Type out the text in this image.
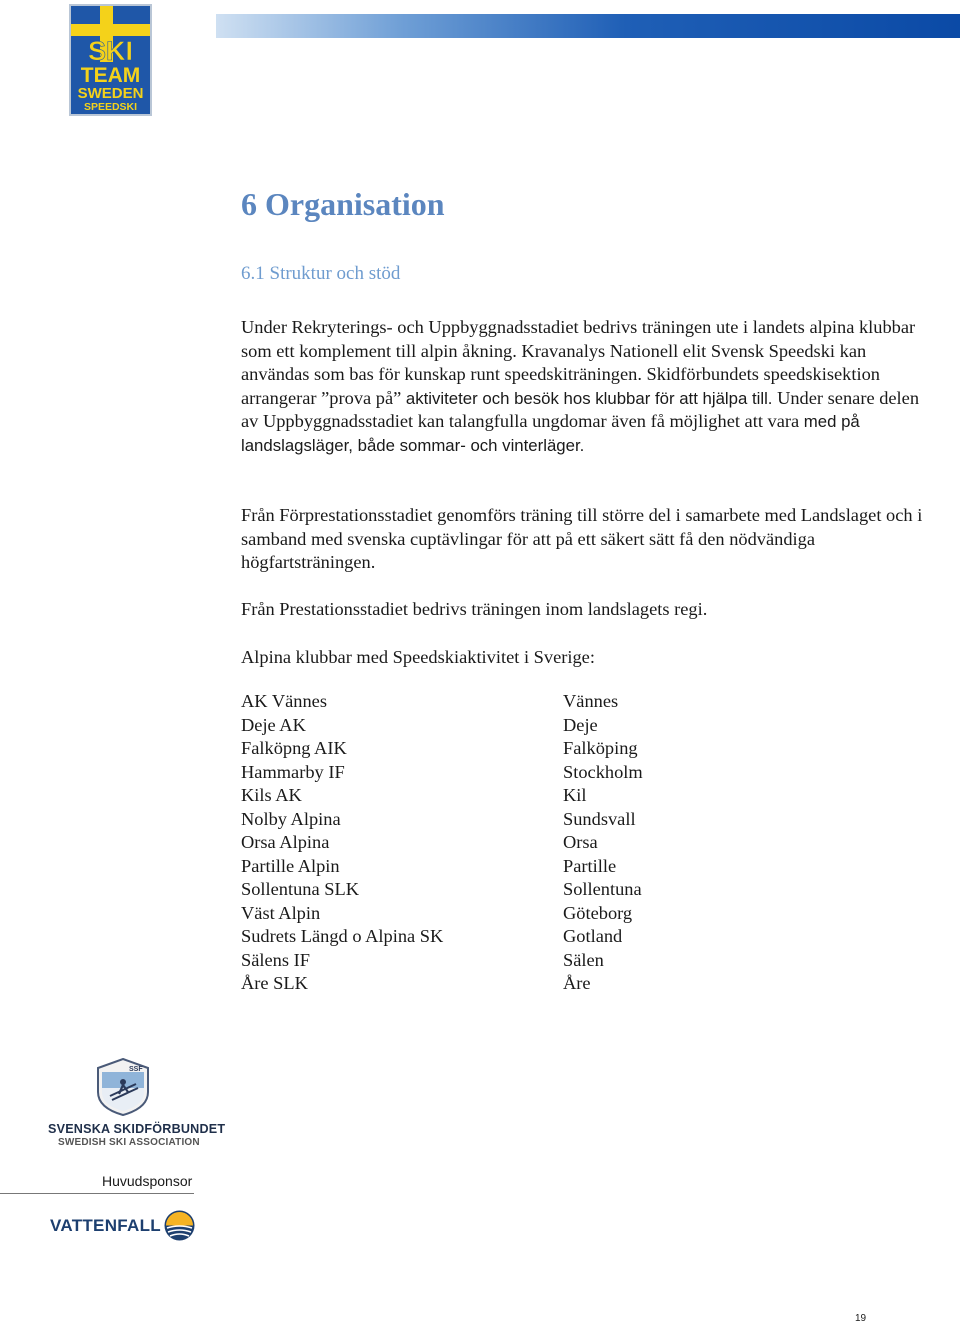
SKI
TEAM
SWEDEN
SPEEDSKI
6 Organisation
6.1 Struktur och stöd
Under Rekryterings- och Uppbyggnadsstadiet bedrivs träningen ute i landets alpina klubbar som ett komplement till alpin åkning. Kravanalys Nationell elit Svensk Speedski kan användas som bas för kunskap runt speedskiträningen. Skidförbundets speedskisektion arrangerar ”prova på” aktiviteter och besök hos klubbar för att hjälpa till. Under senare delen av Uppbyggnadsstadiet kan talangfulla ungdomar även få möjlighet att vara med på landslagsläger, både sommar- och vinterläger.
Från Förprestationsstadiet genomförs träning till större del i samarbete med Landslaget och i samband med svenska cuptävlingar för att på ett säkert sätt få den nödvändiga högfartsträningen.
Från Prestationsstadiet bedrivs träningen inom landslagets regi.
Alpina klubbar med Speedskiaktivitet i Sverige:
AK Vännes
Deje AK
Falköpng AIK
Hammarby IF
Kils AK
Nolby Alpina
Orsa Alpina
Partille Alpin
Sollentuna SLK
Väst Alpin
Sudrets Längd o Alpina SK
Sälens IF
Åre SLK
Vännes
Deje
Falköping
Stockholm
Kil
Sundsvall
Orsa
Partille
Sollentuna
Göteborg
Gotland
Sälen
Åre
SSF
SVENSKA SKIDFÖRBUNDET
SWEDISH SKI ASSOCIATION
Huvudsponsor
VATTENFALL
19
